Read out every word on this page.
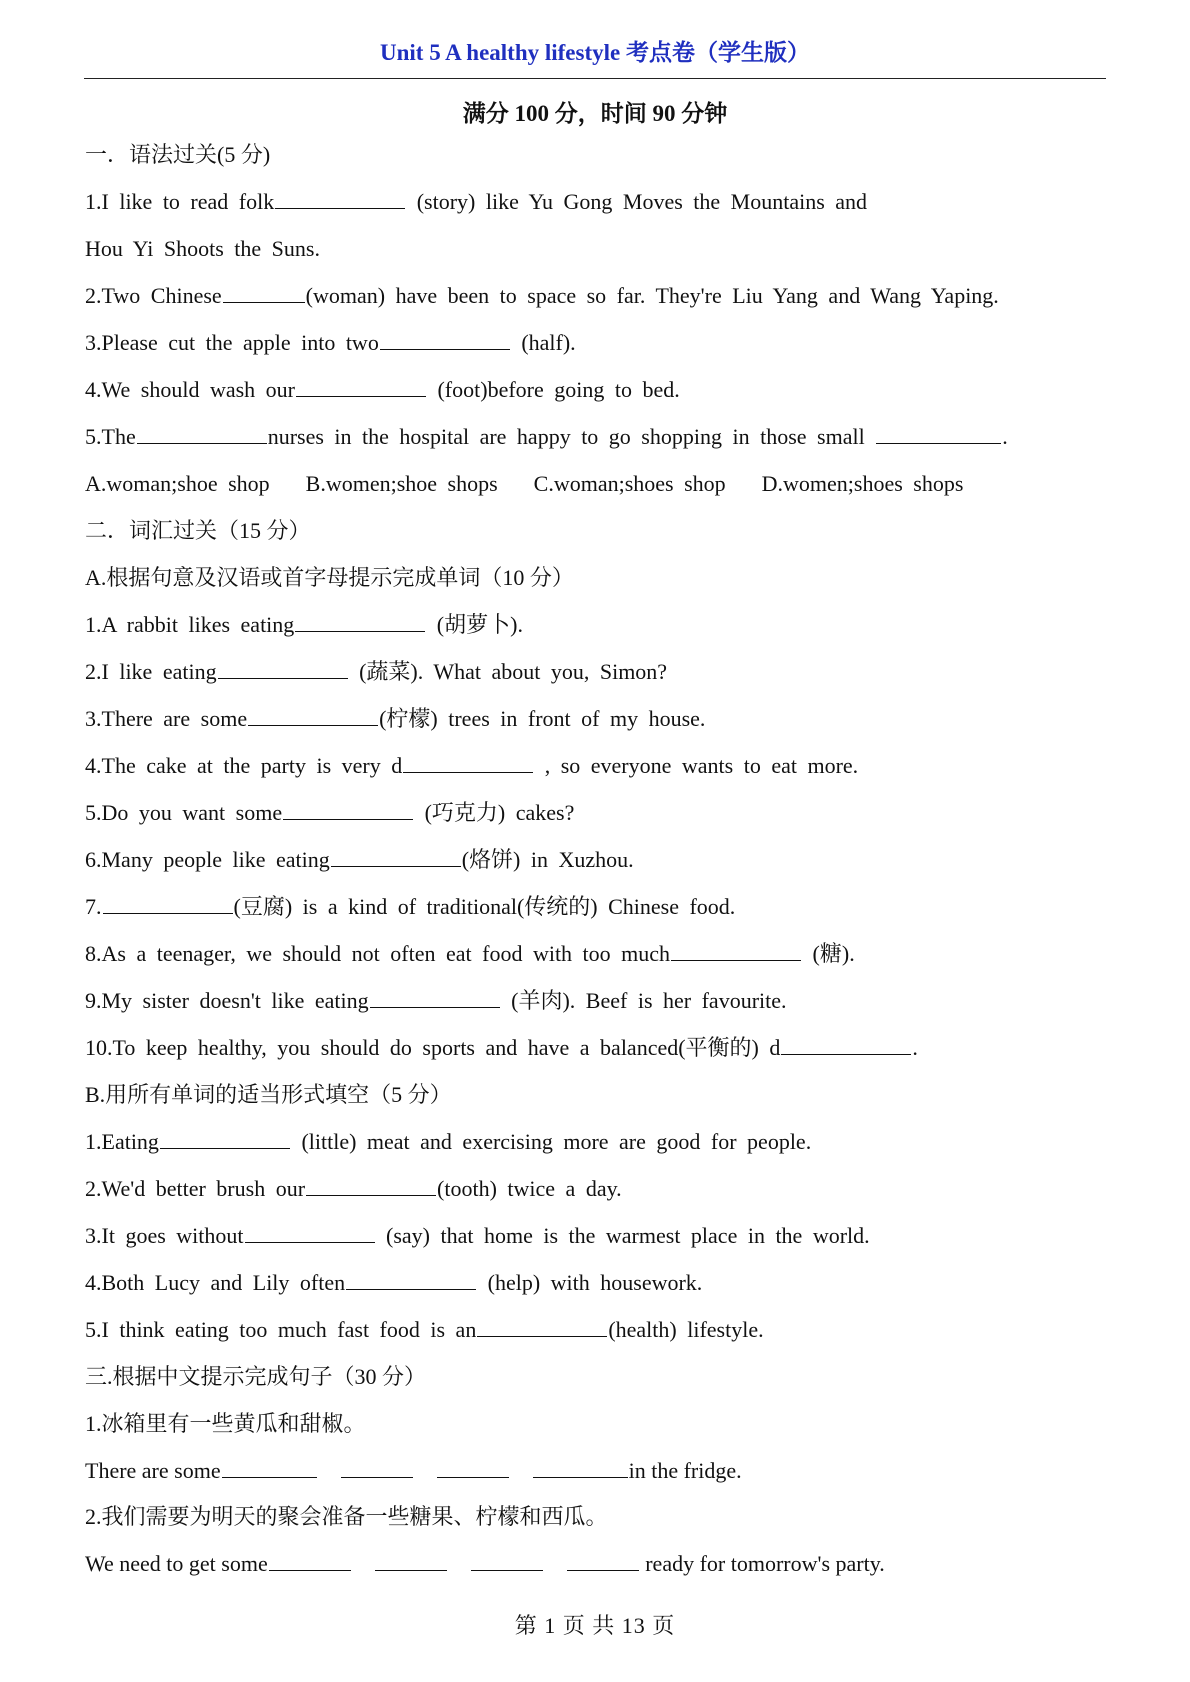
Unit 5 A healthy lifestyle 考点卷（学生版）
满分 100 分，时间 90 分钟
一．语法过关(5 分)
1.I like to read folk	(story) like Yu Gong Moves the Mountains and
Hou Yi Shoots the Suns.
2.Two Chinese	(woman) have been to space so far. They're Liu Yang and Wang Yaping.
3.Please cut the apple into two	(half).
4.We should wash our	(foot)before going to bed.
5.The	nurses in the hospital are happy to go shopping in those small	.
A.woman;shoe shop B.women;shoe shops C.woman;shoes shop D.women;shoes shops
二．词汇过关（15 分）
A.根据句意及汉语或首字母提示完成单词（10 分）
1.A rabbit likes eating	(胡萝卜).
2.I like eating	(蔬菜). What about you, Simon?
3.There are some	(柠檬) trees in front of my house.
4.The cake at the party is very d	, so everyone wants to eat more.
5.Do you want some	(巧克力) cakes?
6.Many people like eating	(烙饼) in Xuzhou.
7.	(豆腐) is a kind of traditional(传统的) Chinese food.
8.As a teenager, we should not often eat food with too much	(糖).
9.My sister doesn't like eating	(羊肉). Beef is her favourite.
10.To keep healthy, you should do sports and have a balanced(平衡的) d	.
B.用所有单词的适当形式填空（5 分）
1.Eating	(little) meat and exercising more are good for people.
2.We'd better brush our	(tooth) twice a day.
3.It goes without	(say) that home is the warmest place in the world.
4.Both Lucy and Lily often	(help) with housework.
5.I think eating too much fast food is an	(health) lifestyle.
三.根据中文提示完成句子（30 分）
1.冰箱里有一些黄瓜和甜椒。
There are some	in the fridge.
2.我们需要为明天的聚会准备一些糖果、柠檬和西瓜。
We need to get some	ready for tomorrow's party.
第 1 页 共 13 页
